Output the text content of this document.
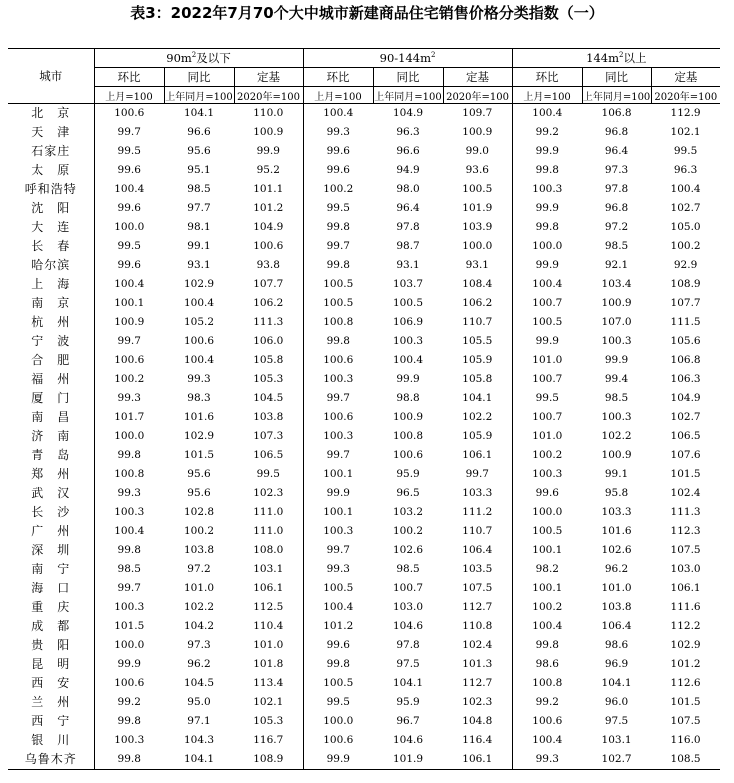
表3：2022年7月70个大中城市新建商品住宅销售价格分类指数（一）
城市	$90m^2$及以下			$90-144m^2$			$144m^2$以上		
	环比	同比	定基	环比	同比	定基	环比	同比	定基
	上月=100	上年同月=100	2020年=100	上月=100	上年同月=100	2020年=100	上月=100	上年同月=100	2020年=100
北　京	100.6	104.1	110.0	100.4	104.9	109.7	100.4	106.8	112.9
天　津	99.7	96.6	100.9	99.3	96.3	100.9	99.2	96.8	102.1
石家庄	99.5	95.6	99.9	99.6	96.6	99.0	99.9	96.4	99.5
太　原	99.6	95.1	95.2	99.6	94.9	93.6	99.8	97.3	96.3
呼和浩特	100.4	98.5	101.1	100.2	98.0	100.5	100.3	97.8	100.4
沈　阳	99.6	97.7	101.2	99.5	96.4	101.9	99.9	96.8	102.7
大　连	100.0	98.1	104.9	99.8	97.8	103.9	99.8	97.2	105.0
长　春	99.5	99.1	100.6	99.7	98.7	100.0	100.0	98.5	100.2
哈尔滨	99.6	93.1	93.8	99.8	93.1	93.1	99.9	92.1	92.9
上　海	100.4	102.9	107.7	100.5	103.7	108.4	100.4	103.4	108.9
南　京	100.1	100.4	106.2	100.5	100.5	106.2	100.7	100.9	107.7
杭　州	100.9	105.2	111.3	100.8	106.9	110.7	100.5	107.0	111.5
宁　波	99.7	100.6	106.0	99.8	100.3	105.5	99.9	100.3	105.6
合　肥	100.6	100.4	105.8	100.6	100.4	105.9	101.0	99.9	106.8
福　州	100.2	99.3	105.3	100.3	99.9	105.8	100.7	99.4	106.3
厦　门	99.3	98.3	104.5	99.7	98.8	104.1	99.5	98.5	104.9
南　昌	101.7	101.6	103.8	100.6	100.9	102.2	100.7	100.3	102.7
济　南	100.0	102.9	107.3	100.3	100.8	105.9	101.0	102.2	106.5
青　岛	99.8	101.5	106.5	99.7	100.6	106.1	100.2	100.9	107.6
郑　州	100.8	95.6	99.5	100.1	95.9	99.7	100.3	99.1	101.5
武　汉	99.3	95.6	102.3	99.9	96.5	103.3	99.6	95.8	102.4
长　沙	100.3	102.8	111.0	100.1	103.2	111.2	100.0	103.3	111.3
广　州	100.4	100.2	111.0	100.3	100.2	110.7	100.5	101.6	112.3
深　圳	99.8	103.8	108.0	99.7	102.6	106.4	100.1	102.6	107.5
南　宁	98.5	97.2	103.1	99.3	98.5	103.5	98.2	96.2	103.0
海　口	99.7	101.0	106.1	100.5	100.7	107.5	100.1	101.0	106.1
重　庆	100.3	102.2	112.5	100.4	103.0	112.7	100.2	103.8	111.6
成　都	101.5	104.2	110.4	101.2	104.6	110.8	100.4	106.4	112.2
贵　阳	100.0	97.3	101.0	99.6	97.8	102.4	99.8	98.6	102.9
昆　明	99.9	96.2	101.8	99.8	97.5	101.3	98.6	96.9	101.2
西　安	100.6	104.5	113.4	100.5	104.1	112.7	100.8	104.1	112.6
兰　州	99.2	95.0	102.1	99.5	95.9	102.3	99.2	96.0	101.5
西　宁	99.8	97.1	105.3	100.0	96.7	104.8	100.6	97.5	107.5
银　川	100.3	104.3	116.7	100.6	104.6	116.4	100.4	103.1	116.0
乌鲁木齐	99.8	104.1	108.9	99.9	101.9	106.1	99.3	102.7	108.5
